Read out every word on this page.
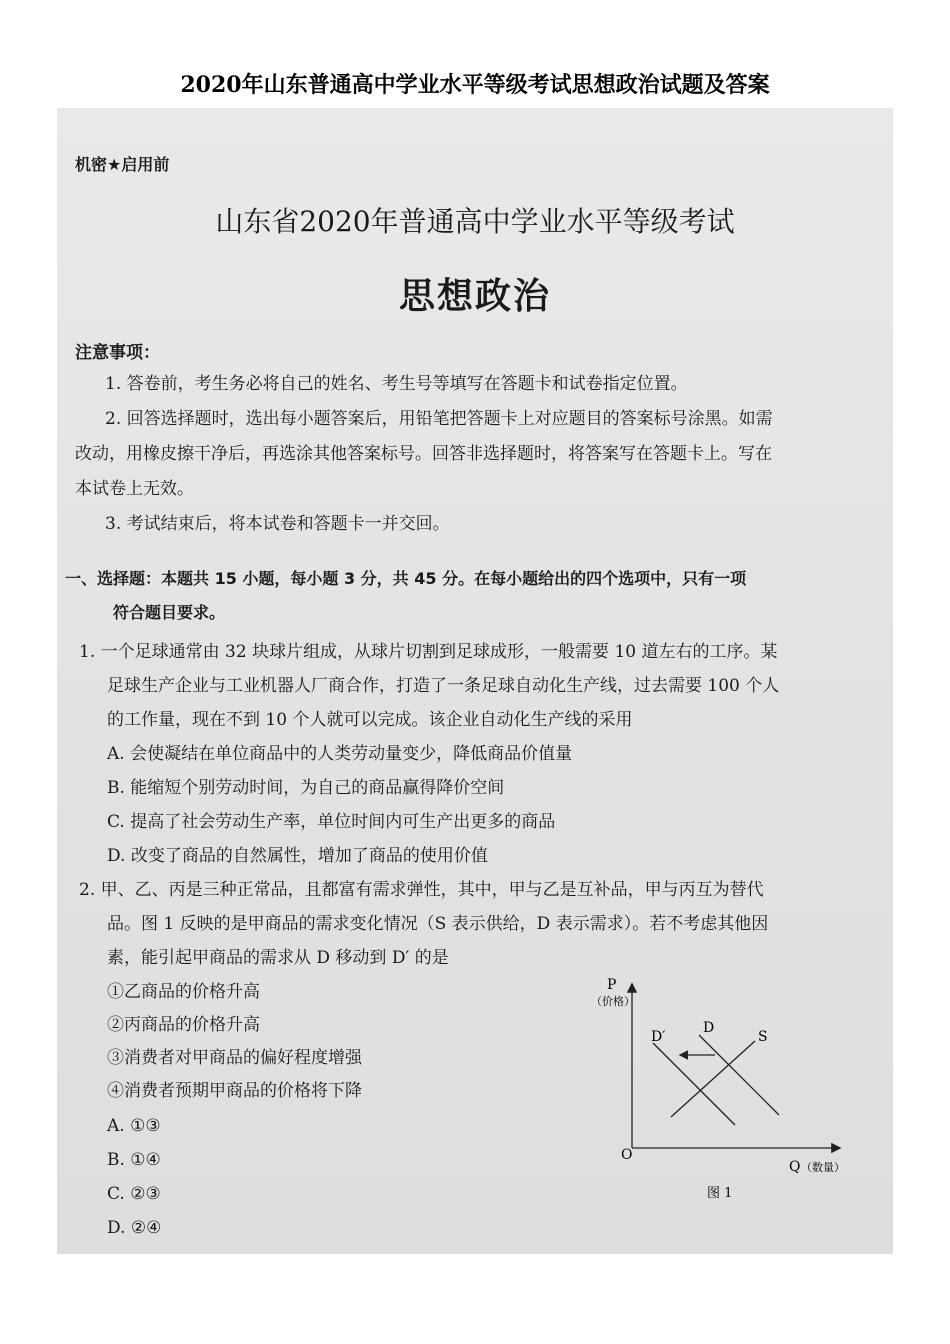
2020年山东普通高中学业水平等级考试思想政治试题及答案
机密★启用前
山东省2020年普通高中学业水平等级考试
思想政治
注意事项：
1. 答卷前，考生务必将自己的姓名、考生号等填写在答题卡和试卷指定位置。
2. 回答选择题时，选出每小题答案后，用铅笔把答题卡上对应题目的答案标号涂黑。如需
改动，用橡皮擦干净后，再选涂其他答案标号。回答非选择题时，将答案写在答题卡上。写在
本试卷上无效。
3. 考试结束后，将本试卷和答题卡一并交回。
一、选择题：本题共 15 小题，每小题 3 分，共 45 分。在每小题给出的四个选项中，只有一项
符合题目要求。
1. 一个足球通常由 32 块球片组成，从球片切割到足球成形，一般需要 10 道左右的工序。某
足球生产企业与工业机器人厂商合作，打造了一条足球自动化生产线，过去需要 100 个人
的工作量，现在不到 10 个人就可以完成。该企业自动化生产线的采用
A. 会使凝结在单位商品中的人类劳动量变少，降低商品价值量
B. 能缩短个别劳动时间，为自己的商品赢得降价空间
C. 提高了社会劳动生产率，单位时间内可生产出更多的商品
D. 改变了商品的自然属性，增加了商品的使用价值
2. 甲、乙、丙是三种正常品，且都富有需求弹性，其中，甲与乙是互补品，甲与丙互为替代
品。图 1 反映的是甲商品的需求变化情况（S 表示供给，D 表示需求）。若不考虑其他因
素，能引起甲商品的需求从 D 移动到 D′ 的是
①乙商品的价格升高
②丙商品的价格升高
③消费者对甲商品的偏好程度增强
④消费者预期甲商品的价格将下降
A. ①③
B. ①④
C. ②③
D. ②④
P
（价格）
D′
D
S
O
Q （数量）
图 1
